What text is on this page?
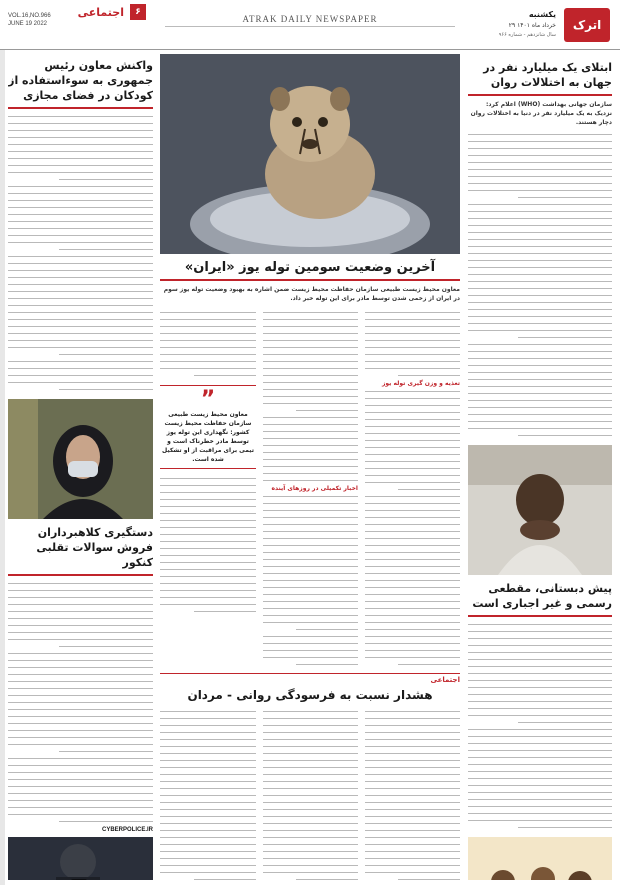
VOL.16,NO.966
JUNE 19 2022
اجتماعی	۶
ATRAK DAILY NEWSPAPER	اترک
یکشنبه
۲۹ خرداد ماه ۱۴۰۱
سال شانزدهم - شماره ۹۶۶
واکنش معاون رئیس جمهوری به سوءاستفاده از کودکان در فضای مجازی
دستگیری کلاهبرداران فروش سوالات تقلبی کنکور
CYBERPOLICE.IR
آخرین وضعیت سومین توله یوز «ایران»
معاون محیط زیست طبیعی سازمان حفاظت محیط زیست ضمن اشاره به بهبود وضعیت توله یوز سوم در ایران از زخمی شدن توسط مادر برای این توله خبر داد.
تغذیه و وزن گیری توله یوز
اخبار تکمیلی در روزهای آینده
”
معاون محیط زیست طبیعی سازمان حفاظت محیط زیست کشور: نگهداری این توله یوز توسط مادر خطرناک است و تیمی برای مراقبت از او تشکیل شده است.
اجتماعی
هشدار نسبت به فرسودگی روانی - مردان
ابتلای یک میلیارد نفر در جهان به اختلالات روان
سازمان جهانی بهداشت (WHO) اعلام کرد: نزدیک به یک میلیارد نفر در دنیا به اختلالات روان دچار هستند.
پیش دبستانی، مقطعی رسمی و غیر اجباری است
